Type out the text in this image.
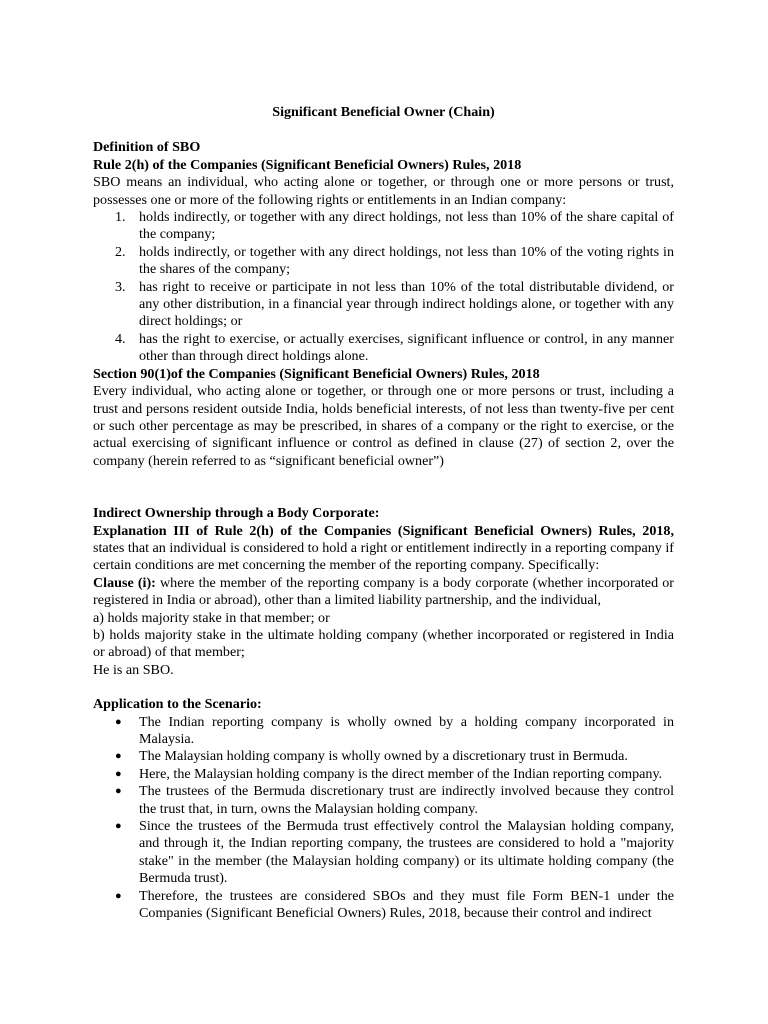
Significant Beneficial Owner (Chain)
Definition of SBO
Rule 2(h) of the Companies (Significant Beneficial Owners) Rules, 2018
SBO means an individual, who acting alone or together, or through one or more persons or trust, possesses one or more of the following rights or entitlements in an Indian company:
1. holds indirectly, or together with any direct holdings, not less than 10% of the share capital of the company;
2. holds indirectly, or together with any direct holdings, not less than 10% of the voting rights in the shares of the company;
3. has right to receive or participate in not less than 10% of the total distributable dividend, or any other distribution, in a financial year through indirect holdings alone, or together with any direct holdings; or
4. has the right to exercise, or actually exercises, significant influence or control, in any manner other than through direct holdings alone.
Section 90(1)of the Companies (Significant Beneficial Owners) Rules, 2018
Every individual, who acting alone or together, or through one or more persons or trust, including a trust and persons resident outside India, holds beneficial interests, of not less than twenty-five per cent or such other percentage as may be prescribed, in shares of a company or the right to exercise, or the actual exercising of significant influence or control as defined in clause (27) of section 2, over the company (herein referred to as “significant beneficial owner”)
Indirect Ownership through a Body Corporate:
Explanation III of Rule 2(h) of the Companies (Significant Beneficial Owners) Rules, 2018,
states that an individual is considered to hold a right or entitlement indirectly in a reporting company if certain conditions are met concerning the member of the reporting company. Specifically:
Clause (i): where the member of the reporting company is a body corporate (whether incorporated or registered in India or abroad), other than a limited liability partnership, and the individual,
a) holds majority stake in that member; or
b) holds majority stake in the ultimate holding company (whether incorporated or registered in India or abroad) of that member;
He is an SBO.
Application to the Scenario:
● The Indian reporting company is wholly owned by a holding company incorporated in Malaysia.
● The Malaysian holding company is wholly owned by a discretionary trust in Bermuda.
● Here, the Malaysian holding company is the direct member of the Indian reporting company.
● The trustees of the Bermuda discretionary trust are indirectly involved because they control the trust that, in turn, owns the Malaysian holding company.
● Since the trustees of the Bermuda trust effectively control the Malaysian holding company, and through it, the Indian reporting company, the trustees are considered to hold a "majority stake" in the member (the Malaysian holding company) or its ultimate holding company (the Bermuda trust).
● Therefore, the trustees are considered SBOs and they must file Form BEN-1 under the Companies (Significant Beneficial Owners) Rules, 2018, because their control and indirect
